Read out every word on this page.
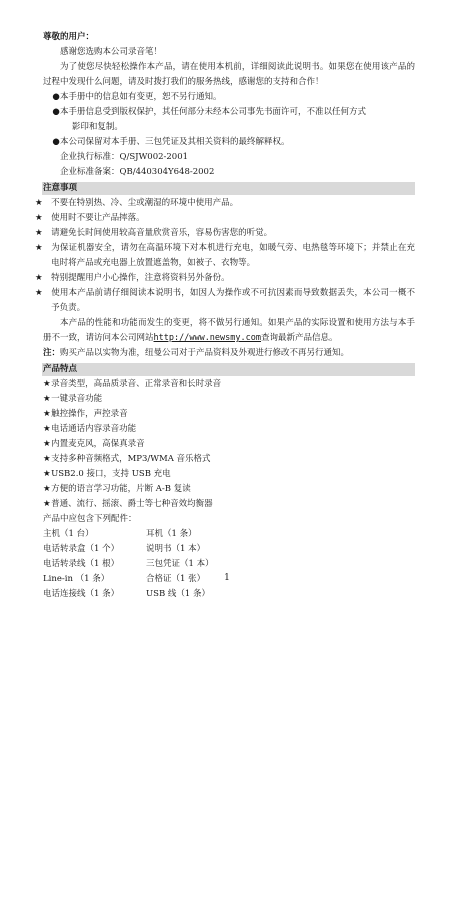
尊敬的用户：
感谢您选购本公司录音笔！
为了使您尽快轻松操作本产品，请在使用本机前，详细阅读此说明书。如果您在使用该产品的过程中发现什么问题，请及时拨打我们的服务热线，感谢您的支持和合作！
●本手册中的信息如有变更，恕不另行通知。
●本手册信息受到版权保护，其任何部分未经本公司事先书面许可，不准以任何方式
影印和复制。
●本公司保留对本手册、三包凭证及其相关资料的最终解释权。
企业执行标准：Q/SJW002-2001
企业标准备案：QB/440304Y648-2002
注意事项
★ 不要在特别热、冷、尘或潮湿的环境中使用产品。
★ 使用时不要让产品摔落。
★ 请避免长时间使用较高音量欣赏音乐，容易伤害您的听觉。
★ 为保证机器安全，请勿在高温环境下对本机进行充电，如暖气旁、电热毯等环境下；并禁止在充电时将产品或充电器上放置遮盖物，如被子、衣物等。
★ 特别提醒用户小心操作，注意将资料另外备份。
★ 使用本产品前请仔细阅读本说明书，如因人为操作或不可抗因素而导致数据丢失，本公司一概不予负责。
本产品的性能和功能而发生的变更，将不做另行通知。如果产品的实际设置和使用方法与本手册不一致，请访问本公司网站http://www.newsmy.com查询最新产品信息。
注：购买产品以实物为准，纽曼公司对于产品资料及外观进行修改不再另行通知。
产品特点
★录音类型，高品质录音、正常录音和长时录音
★一键录音功能
★触控操作，声控录音
★电话通话内容录音功能
★内置麦克风，高保真录音
★支持多种音频格式，MP3/WMA 音乐格式
★USB2.0 接口，支持 USB 充电
★方便的语言学习功能，片断 A-B 复读
★普通、流行、摇滚、爵士等七种音效均衡器
产品中应包含下列配件：
主机（1 台）	耳机（1 条）
电话转录盒（1 个）	说明书（1 本）
电话转录线（1 根）	三包凭证（1 本）
Line-in （1 条）	合格证（1 张）
电话连接线（1 条）	USB 线（1 条）
1
